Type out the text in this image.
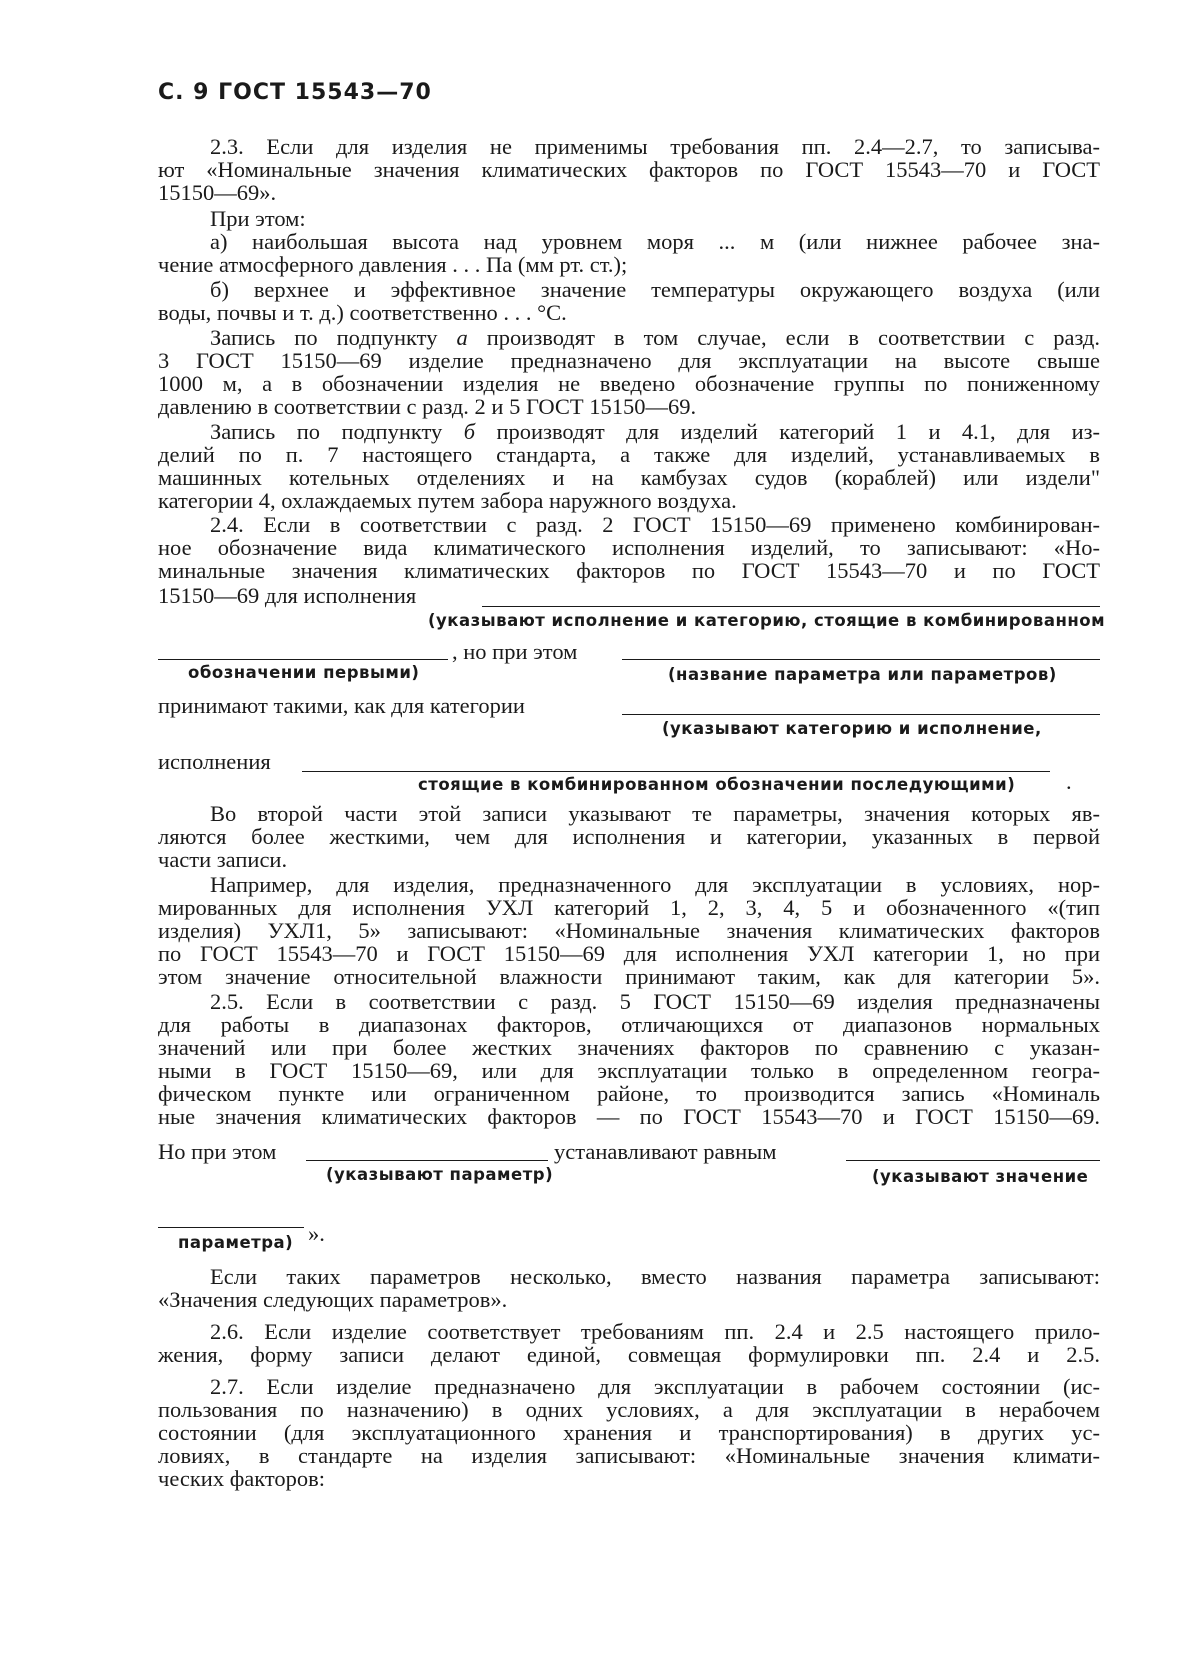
С. 9 ГОСТ 15543—70
2.3. Если для изделия не применимы требования пп. 2.4—2.7, то записыва-
ют «Номинальные значения климатических факторов по ГОСТ 15543—70 и ГОСТ
15150—69».
При этом:
а) наибольшая высота над уровнем моря ... м (или нижнее рабочее зна-
чение атмосферного давления . . . Па (мм рт. ст.);
б) верхнее и эффективное значение температуры окружающего воздуха (или
воды, почвы и т. д.) соответственно . . . °С.
Запись по подпункту а производят в том случае, если в соответствии с разд.
3 ГОСТ 15150—69 изделие предназначено для эксплуатации на высоте свыше
1000 м, а в обозначении изделия не введено обозначение группы по пониженному
давлению в соответствии с разд. 2 и 5 ГОСТ 15150—69.
Запись по подпункту б производят для изделий категорий 1 и 4.1, для из-
делий по п. 7 настоящего стандарта, а также для изделий, устанавливаемых в
машинных котельных отделениях и на камбузах судов (кораблей) или издели"
категории 4, охлаждаемых путем забора наружного воздуха.
2.4. Если в соответствии с разд. 2 ГОСТ 15150—69 применено комбинирован-
ное обозначение вида климатического исполнения изделий, то записывают: «Но-
минальные значения климатических факторов по ГОСТ 15543—70 и по ГОСТ
15150—69 для исполнения
(указывают исполнение и категорию, стоящие в комбинированном
, но при этом
обозначении первыми)	(название параметра или параметров)
принимают такими, как для категории
(указывают категорию и исполнение,
исполнения
стоящие в комбинированном обозначении последующими) .
Во второй части этой записи указывают те параметры, значения которых яв-
ляются более жесткими, чем для исполнения и категории, указанных в первой
части записи.
Например, для изделия, предназначенного для эксплуатации в условиях, нор-
мированных для исполнения УХЛ категорий 1, 2, 3, 4, 5 и обозначенного «(тип
изделия) УХЛ1, 5» записывают: «Номинальные значения климатических факторов
по ГОСТ 15543—70 и ГОСТ 15150—69 для исполнения УХЛ категории 1, но при
этом значение относительной влажности принимают таким, как для категории 5».
2.5. Если в соответствии с разд. 5 ГОСТ 15150—69 изделия предназначены
для работы в диапазонах факторов, отличающихся от диапазонов нормальных
значений или при более жестких значениях факторов по сравнению с указан-
ными в ГОСТ 15150—69, или для эксплуатации только в определенном геогра-
фическом пункте или ограниченном районе, то производится запись «Номиналь
ные значения климатических факторов — по ГОСТ 15543—70 и ГОСТ 15150—69.
Но при этом	устанавливают равным
(указывают параметр)	(указывают значение
параметра) ».
Если таких параметров несколько, вместо названия параметра записывают:
«Значения следующих параметров».
2.6. Если изделие соответствует требованиям пп. 2.4 и 2.5 настоящего прило-
жения, форму записи делают единой, совмещая формулировки пп. 2.4 и 2.5.
2.7. Если изделие предназначено для эксплуатации в рабочем состоянии (ис-
пользования по назначению) в одних условиях, а для эксплуатации в нерабочем
состоянии (для эксплуатационного хранения и транспортирования) в других ус-
ловиях, в стандарте на изделия записывают: «Номинальные значения климати-
ческих факторов:
